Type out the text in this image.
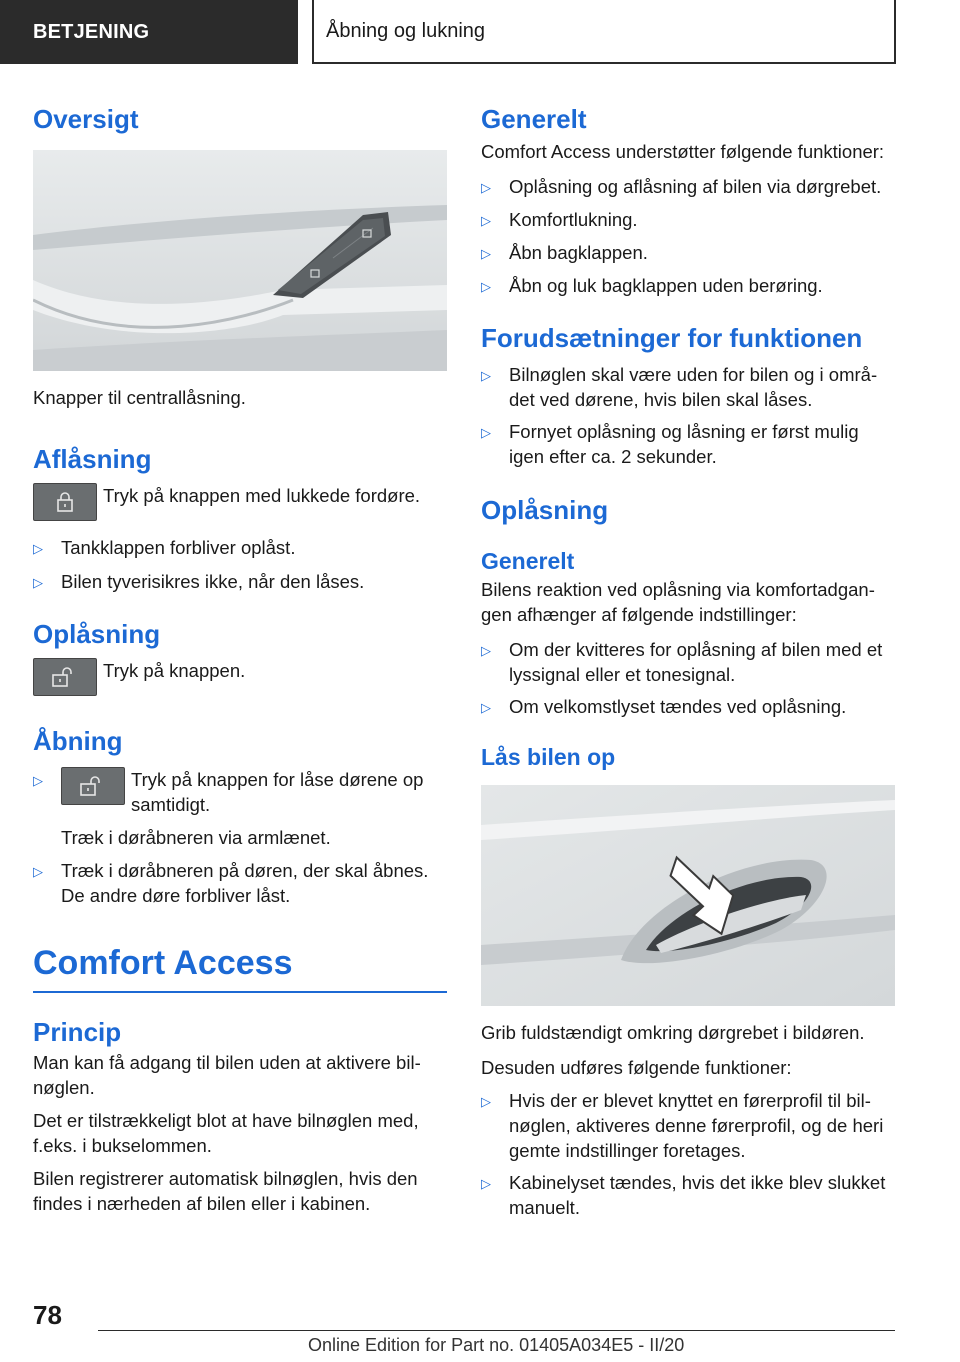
BETJENING	Åbning og lukning
Oversigt

Knapper til centrallåsning.

Aflåsning

Tryk på knappen med lukkede fordøre.

▷ Tankklappen forbliver oplåst.
▷ Bilen tyverisikres ikke, når den låses.
Oplåsning

Tryk på knappen.

Åbning
▷	Tryk på knappen for låse dørene op
samtidigt.
Træk i døråbneren via armlænet.
▷ Træk i døråbneren på døren, der skal åbnes. De andre døre forbliver låst.
Comfort Access
Princip

Man kan få adgang til bilen uden at aktivere bilnøglen.

Det er tilstrækkeligt blot at have bilnøglen med, f.eks. i bukselommen.

Bilen registrerer automatisk bilnøglen, hvis den findes i nærheden af bilen eller i kabinen.

Generelt

Comfort Access understøtter følgende funktioner:

▷ Oplåsning og aflåsning af bilen via dørgrebet.
▷ Komfortlukning.
▷ Åbn bagklappen.
▷ Åbn og luk bagklappen uden berøring.
Forudsætninger for funktionen
▷ Bilnøglen skal være uden for bilen og i området ved dørene, hvis bilen skal låses.
▷ Fornyet oplåsning og låsning er først mulig igen efter ca. 2 sekunder.
Oplåsning
Generelt

Bilens reaktion ved oplåsning via komfortadgangen afhænger af følgende indstillinger:

▷ Om der kvitteres for oplåsning af bilen med et lyssignal eller et tonesignal.
▷ Om velkomstlyset tændes ved oplåsning.
Lås bilen op

Grib fuldstændigt omkring dørgrebet i bildøren.

Desuden udføres følgende funktioner:

▷ Hvis der er blevet knyttet en førerprofil til bilnøglen, aktiveres denne førerprofil, og de heri gemte indstillinger foretages.
▷ Kabinelyset tændes, hvis det ikke blev slukket manuelt.
78
Online Edition for Part no. 01405A034E5 - II/20
